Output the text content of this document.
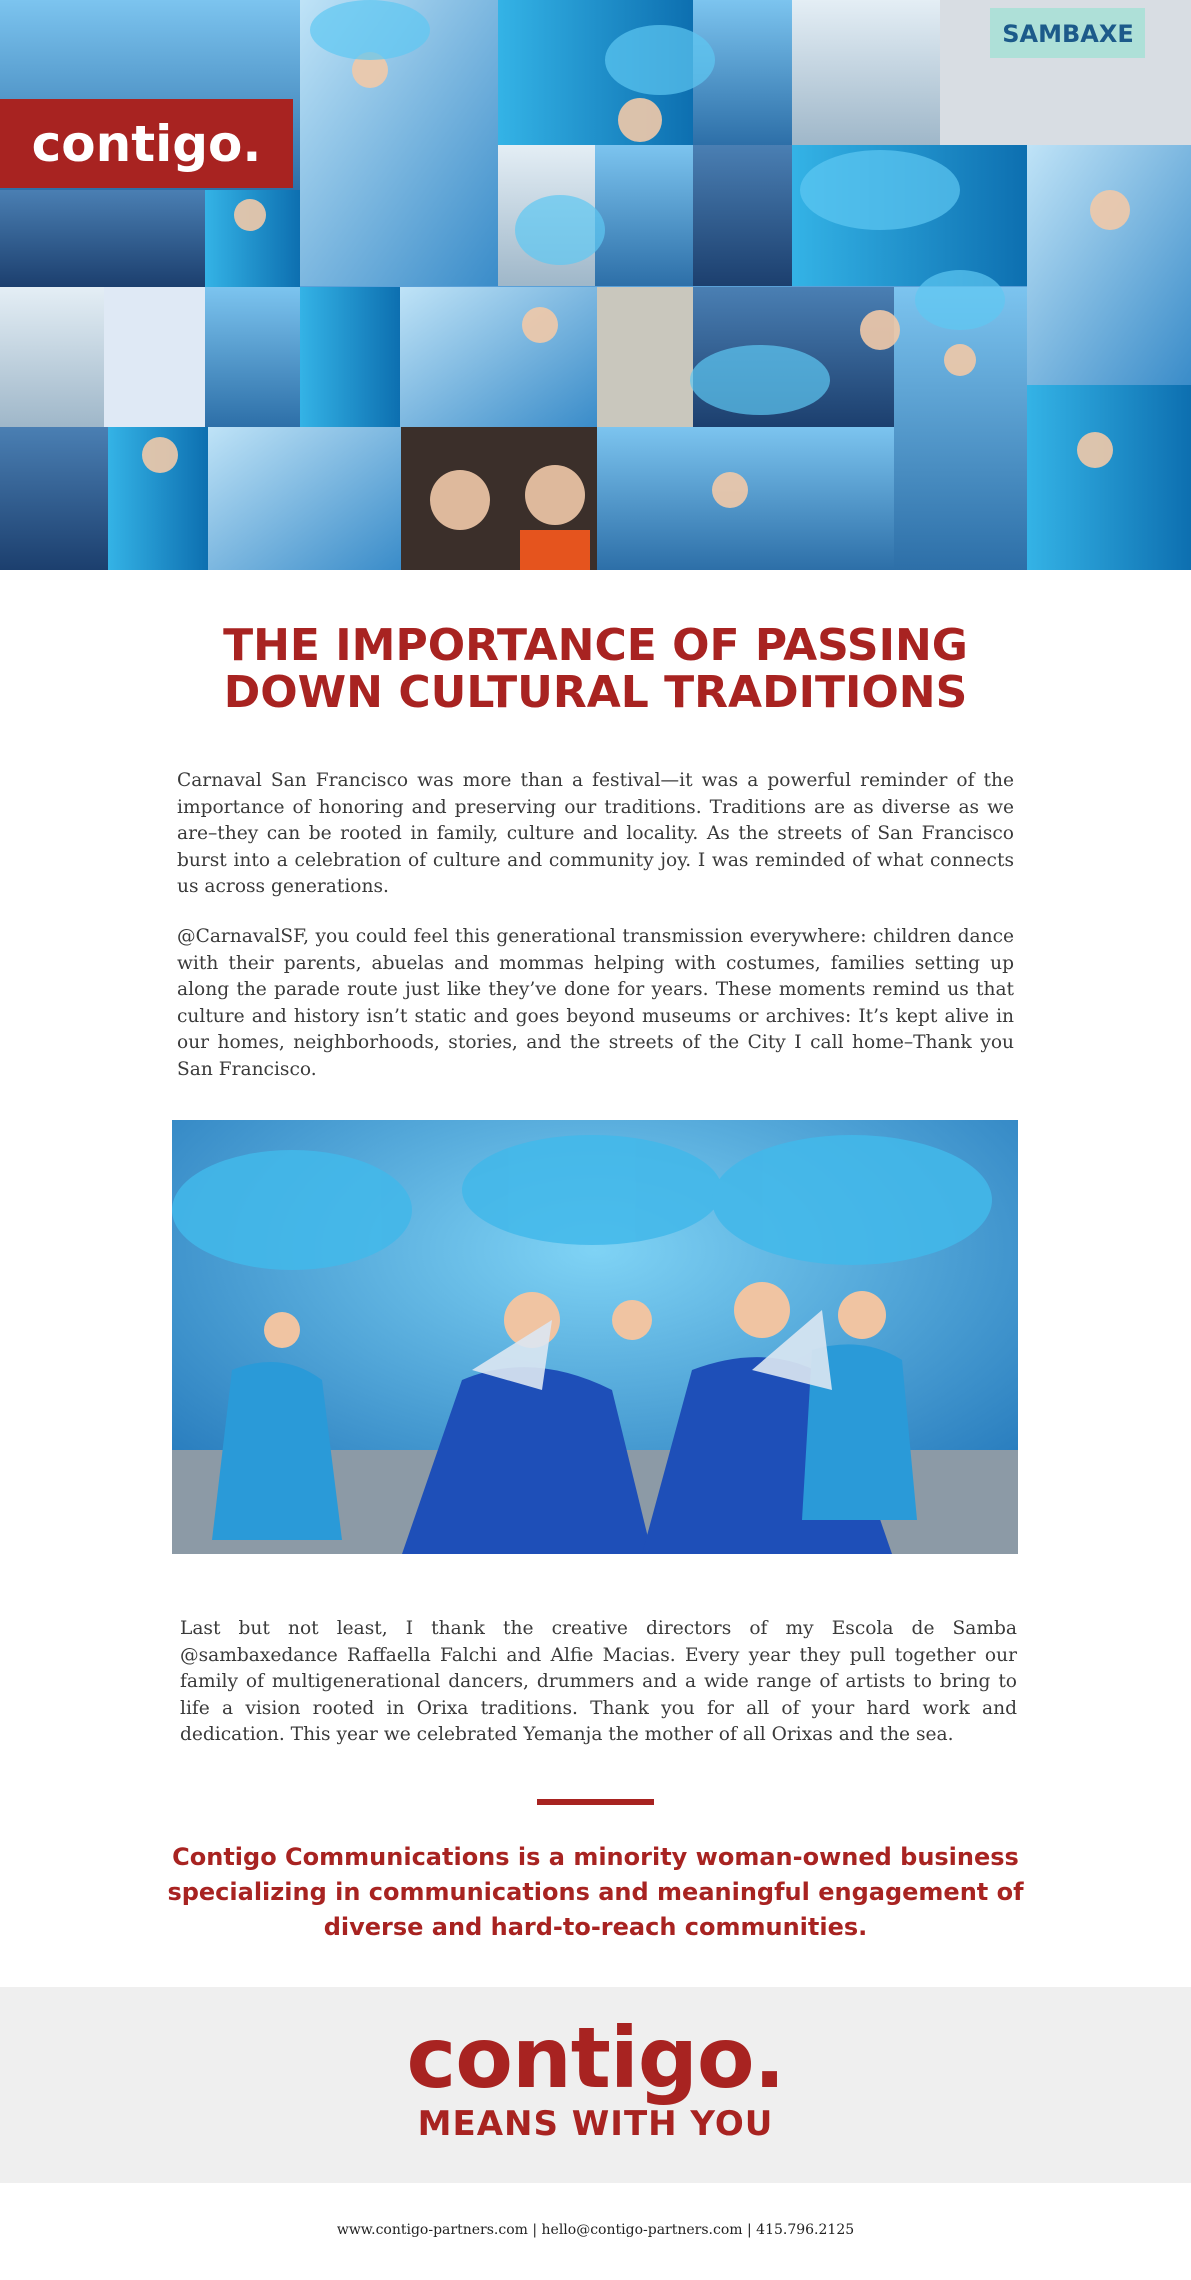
SAMBAXE
contigo.
THE IMPORTANCE OF PASSING
DOWN CULTURAL TRADITIONS

Carnaval San Francisco was more than a festival—it was a powerful reminder of the importance of honoring and preserving our traditions. Traditions are as diverse as we are–they can be rooted in family, culture and locality. As the streets of San Francisco burst into a celebration of culture and community joy. I was reminded of what connects us across generations.

@CarnavalSF, you could feel this generational transmission everywhere: children dance with their parents, abuelas and mommas helping with costumes, families setting up along the parade route just like they’ve done for years. These moments remind us that culture and history isn’t static and goes beyond museums or archives: It’s kept alive in our homes, neighborhoods, stories, and the streets of the City I call home–Thank you San Francisco.

Last but not least, I thank the creative directors of my Escola de Samba @sambaxedance Raffaella Falchi and Alfie Macias. Every year they pull together our family of multigenerational dancers, drummers and a wide range of artists to bring to life a vision rooted in Orixa traditions. Thank you for all of your hard work and dedication. This year we celebrated Yemanja the mother of all Orixas and the sea.

Contigo Communications is a minority woman-owned business specializing in communications and meaningful engagement of diverse and hard-to-reach communities.

contigo.

MEANS WITH YOU

www.contigo-partners.com | hello@contigo-partners.com | 415.796.2125
